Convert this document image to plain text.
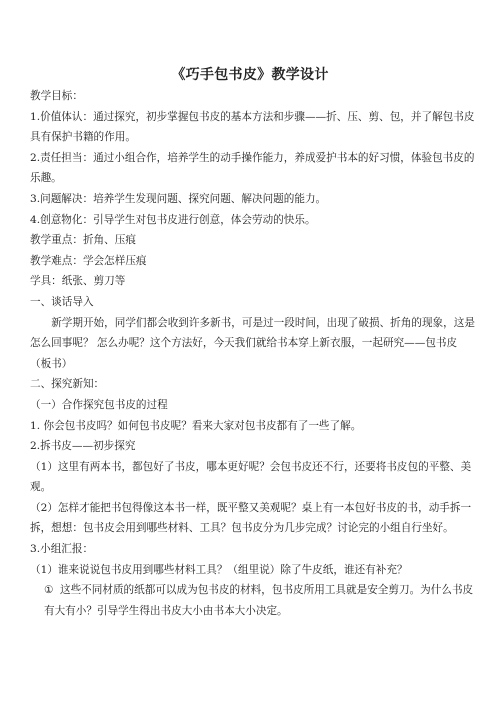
《巧手包书皮》教学设计

教学目标：

1.价值体认：通过探究，初步掌握包书皮的基本方法和步骤——折、压、剪、包，并了解包书皮具有保护书籍的作用。

2.责任担当：通过小组合作，培养学生的动手操作能力，养成爱护书本的好习惯，体验包书皮的乐趣。

3.问题解决：培养学生发现问题、探究问题、解决问题的能力。

4.创意物化：引导学生对包书皮进行创意，体会劳动的快乐。

教学重点：折角、压痕

教学难点：学会怎样压痕

学具：纸张、剪刀等

一、谈话导入

新学期开始，同学们都会收到许多新书，可是过一段时间，出现了破损、折角的现象，这是怎么回事呢？ 怎么办呢？这个方法好，今天我们就给书本穿上新衣服，一起研究——包书皮（板书）

二、探究新知：

（一）合作探究包书皮的过程

1. 你会包书皮吗？如何包书皮呢？看来大家对包书皮都有了一些了解。

2.拆书皮——初步探究

（1）这里有两本书，都包好了书皮，哪本更好呢？会包书皮还不行，还要将书皮包的平整、美观。

（2）怎样才能把书包得像这本书一样，既平整又美观呢？桌上有一本包好书皮的书，动手拆一拆，想想：包书皮会用到哪些材料、工具？包书皮分为几步完成？讨论完的小组自行坐好。

3.小组汇报：

（1）谁来说说包书皮用到哪些材料工具？（组里说）除了牛皮纸，谁还有补充？

① 这些不同材质的纸都可以成为包书皮的材料，包书皮所用工具就是安全剪刀。为什么书皮有大有小？引导学生得出书皮大小由书本大小决定。
